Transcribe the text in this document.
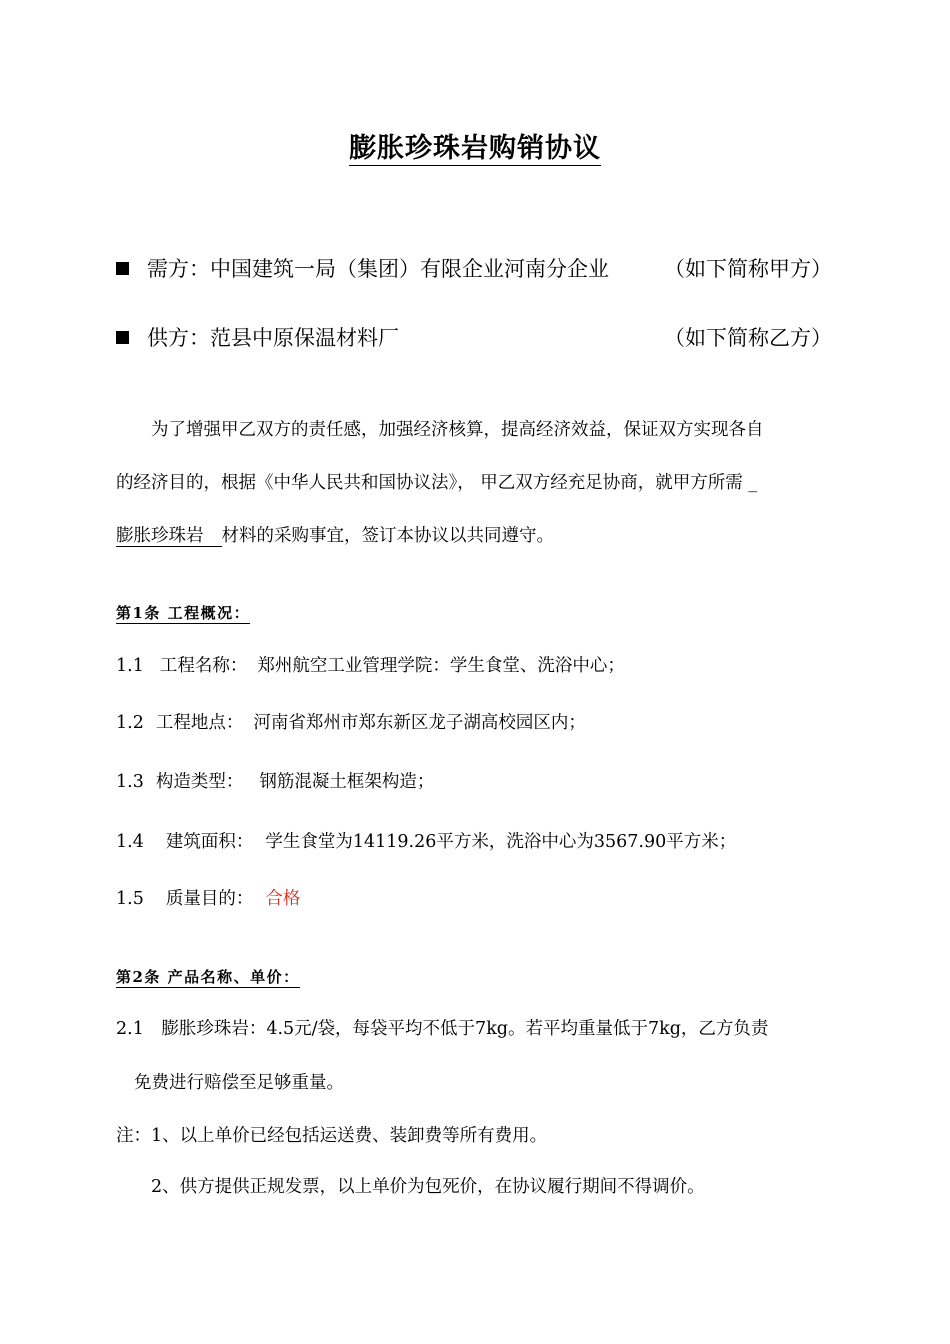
膨胀珍珠岩购销协议
需方：中国建筑一局（集团）有限企业河南分企业	（如下简称甲方）
供方：范县中原保温材料厂	（如下简称乙方）
为了增强甲乙双方的责任感，加强经济核算，提高经济效益，保证双方实现各自
的经济目的，根据《中华人民共和国协议法》， 甲乙双方经充足协商，就甲方所需 _
膨胀珍珠岩 材料的采购事宜，签订本协议以共同遵守。
第1条 工程概况：
1.1 工程名称： 郑州航空工业管理学院：学生食堂、洗浴中心；
1.2 工程地点： 河南省郑州市郑东新区龙子湖高校园区内；
1.3 构造类型： 钢筋混凝土框架构造；
1.4 建筑面积： 学生食堂为14119.26平方米，洗浴中心为3567.90平方米；
1.5 质量目的： 合格
第2条 产品名称、单价：
2.1　膨胀珍珠岩：4.5元/袋，每袋平均不低于7kg。若平均重量低于7kg，乙方负责
免费进行赔偿至足够重量。
注：1、以上单价已经包括运送费、装卸费等所有费用。
2、供方提供正规发票，以上单价为包死价，在协议履行期间不得调价。
